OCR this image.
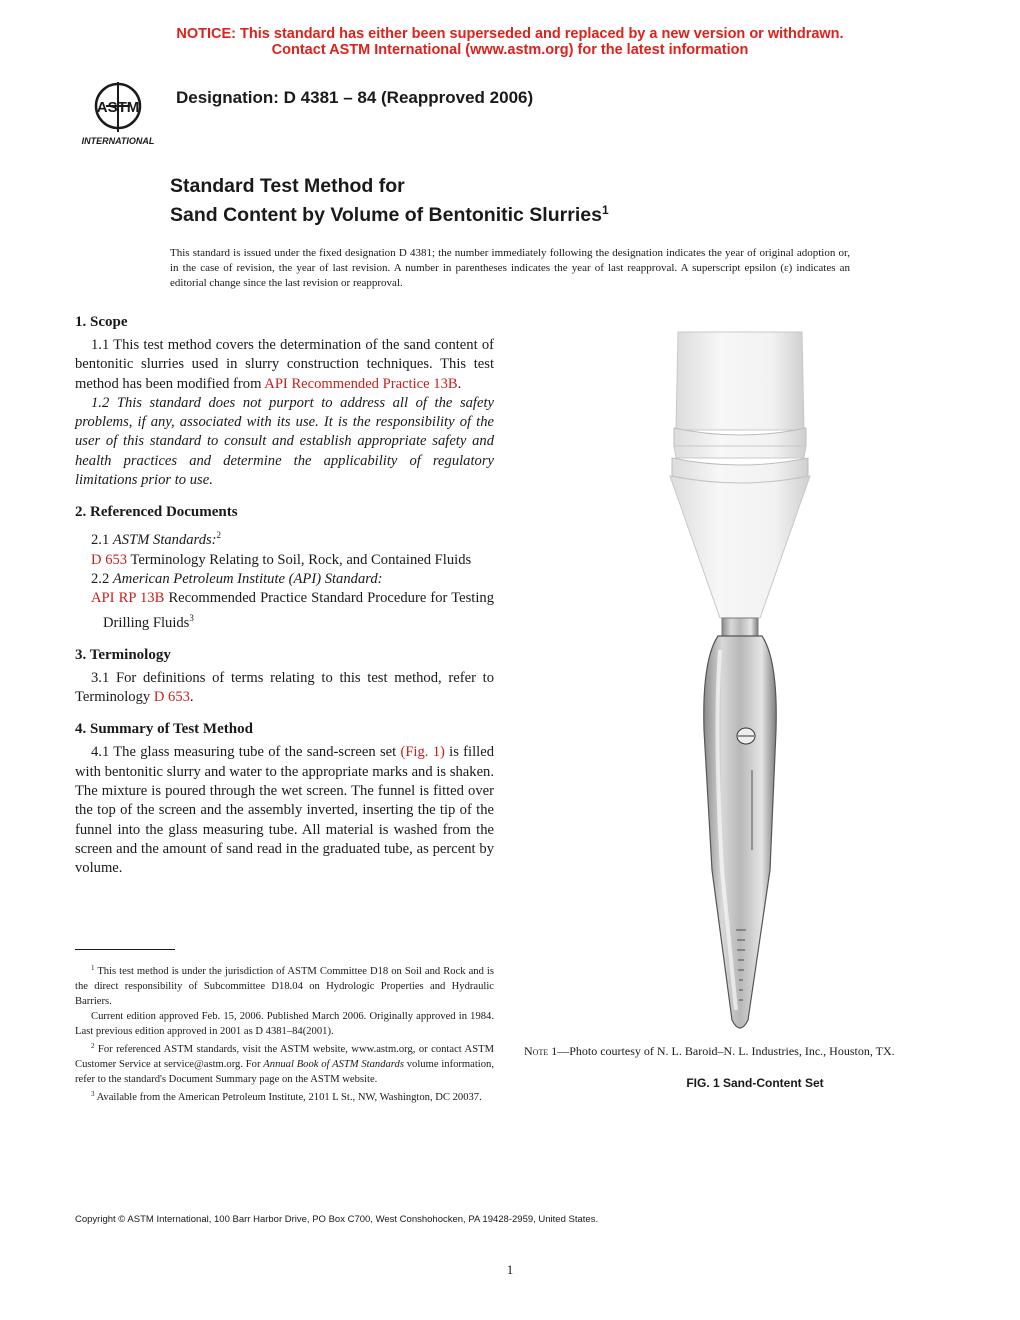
NOTICE: This standard has either been superseded and replaced by a new version or withdrawn.
Contact ASTM International (www.astm.org) for the latest information
ASTM
INTERNATIONAL
Designation: D 4381 – 84 (Reapproved 2006)
Standard Test Method for
Sand Content by Volume of Bentonitic Slurries$^1$
This standard is issued under the fixed designation D 4381; the number immediately following the designation indicates the year of original adoption or, in the case of revision, the year of last revision. A number in parentheses indicates the year of last reapproval. A superscript epsilon (ε) indicates an editorial change since the last revision or reapproval.
1. Scope

1.1 This test method covers the determination of the sand content of bentonitic slurries used in slurry construction techniques. This test method has been modified from API Recommended Practice 13B.

1.2 This standard does not purport to address all of the safety problems, if any, associated with its use. It is the responsibility of the user of this standard to consult and establish appropriate safety and health practices and determine the applicability of regulatory limitations prior to use.

2. Referenced Documents

2.1 ASTM Standards:$^2$

D 653 Terminology Relating to Soil, Rock, and Contained Fluids

2.2 American Petroleum Institute (API) Standard:

API RP 13B Recommended Practice Standard Procedure for Testing Drilling Fluids$^3$

3. Terminology

3.1 For definitions of terms relating to this test method, refer to Terminology D 653.

4. Summary of Test Method

4.1 The glass measuring tube of the sand-screen set (Fig. 1) is filled with bentonitic slurry and water to the appropriate marks and is shaken. The mixture is poured through the wet screen. The funnel is fitted over the top of the screen and the assembly inverted, inserting the tip of the funnel into the glass measuring tube. All material is washed from the screen and the amount of sand read in the graduated tube, as percent by volume.

$^1$ This test method is under the jurisdiction of ASTM Committee D18 on Soil and Rock and is the direct responsibility of Subcommittee D18.04 on Hydrologic Properties and Hydraulic Barriers.

Current edition approved Feb. 15, 2006. Published March 2006. Originally approved in 1984. Last previous edition approved in 2001 as D 4381–84(2001).

$^2$ For referenced ASTM standards, visit the ASTM website, www.astm.org, or contact ASTM Customer Service at service@astm.org. For Annual Book of ASTM Standards volume information, refer to the standard's Document Summary page on the ASTM website.

$^3$ Available from the American Petroleum Institute, 2101 L St., NW, Washington, DC 20037.

Note 1—Photo courtesy of N. L. Baroid–N. L. Industries, Inc., Houston, TX.
FIG. 1 Sand-Content Set
Copyright © ASTM International, 100 Barr Harbor Drive, PO Box C700, West Conshohocken, PA 19428-2959, United States.
1
